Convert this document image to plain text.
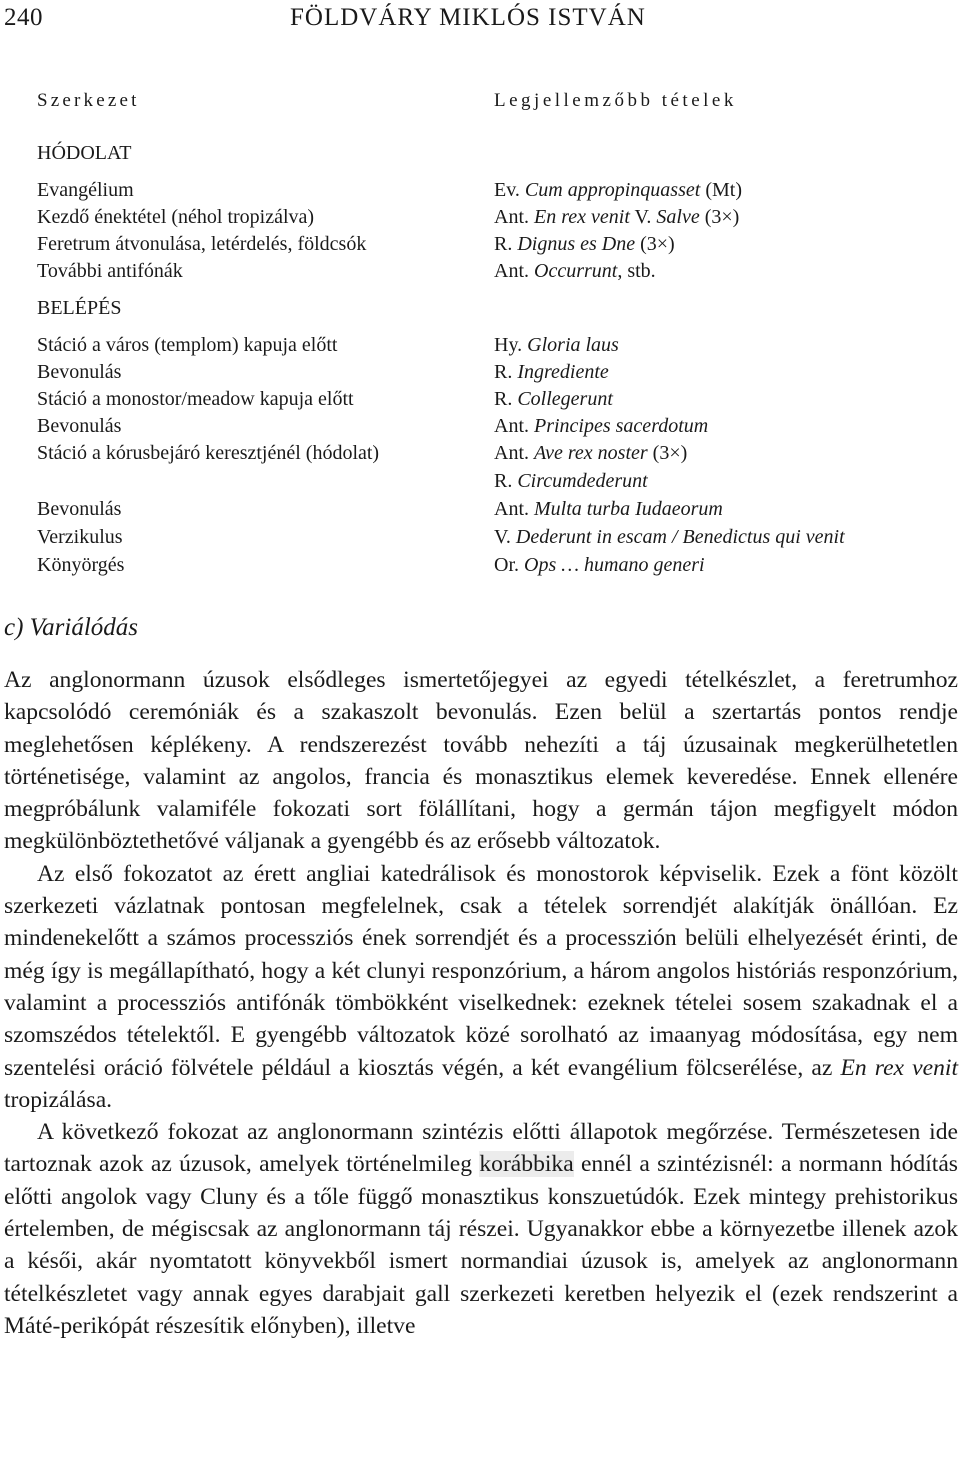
240	FÖLDVÁRY MIKLÓS ISTVÁN
Szerkezet	Legjellemzőbb tételek
HÓDOLAT
Evangélium
Kezdő énektétel (néhol tropizálva)
Feretrum átvonulása, letérdelés, földcsók
További antifónák
BELÉPÉS
Stáció a város (templom) kapuja előtt
Bevonulás
Stáció a monostor/meadow kapuja előtt
Bevonulás
Stáció a kórusbejáró keresztjénél (hódolat)
Bevonulás
Verzikulus
Könyörgés
Ev. Cum appropinquasset (Mt)
Ant. En rex venit V. Salve (3×)
R. Dignus es Dne (3×)
Ant. Occurrunt, stb.
Hy. Gloria laus
R. Ingrediente
R. Collegerunt
Ant. Principes sacerdotum
Ant. Ave rex noster (3×)
R. Circumdederunt
Ant. Multa turba Iudaeorum
V. Dederunt in escam / Benedictus qui venit
Or. Ops … humano generi
c) Variálódás

Az anglonormann úzusok elsődleges ismertetőjegyei az egyedi tételkészlet, a feretrumhoz kapcsolódó ceremóniák és a szakaszolt bevonulás. Ezen belül a szertartás pontos rendje meglehetősen képlékeny. A rendszerezést tovább nehezíti a táj úzusainak megkerülhetetlen történetisége, valamint az angolos, francia és monasztikus elemek keveredése. Ennek ellenére megpróbálunk valamiféle fokozati sort fölállítani, hogy a germán tájon megfigyelt módon megkülönböztethetővé váljanak a gyengébb és az erősebb változatok.

Az első fokozatot az érett angliai katedrálisok és monostorok képviselik. Ezek a fönt közölt szerkezeti vázlatnak pontosan megfelelnek, csak a tételek sorrendjét alakítják önállóan. Ez mindenekelőtt a számos processziós ének sorrendjét és a processzión belüli elhelyezését érinti, de még így is megállapítható, hogy a két clunyi responzórium, a három angolos históriás responzórium, valamint a processziós antifónák tömbökként viselkednek: ezeknek tételei sosem szakadnak el a szomszédos tételektől. E gyengébb változatok közé sorolható az imaanyag módosítása, egy nem szentelési oráció fölvétele például a kiosztás végén, a két evangélium fölcserélése, az En rex venit tropizálása.

A következő fokozat az anglonormann szintézis előtti állapotok megőrzése. Természetesen ide tartoznak azok az úzusok, amelyek történelmileg korábbika ennél a szintézisnél: a normann hódítás előtti angolok vagy Cluny és a tőle függő monasztikus konszuetúdók. Ezek mintegy prehistorikus értelemben, de mégiscsak az anglonormann táj részei. Ugyanakkor ebbe a környezetbe illenek azok a késői, akár nyomtatott könyvekből ismert normandiai úzusok is, amelyek az anglonormann tételkészletet vagy annak egyes darabjait gall szerkezeti keretben helyezik el (ezek rendszerint a Máté-perikópát részesítik előnyben), illetve
